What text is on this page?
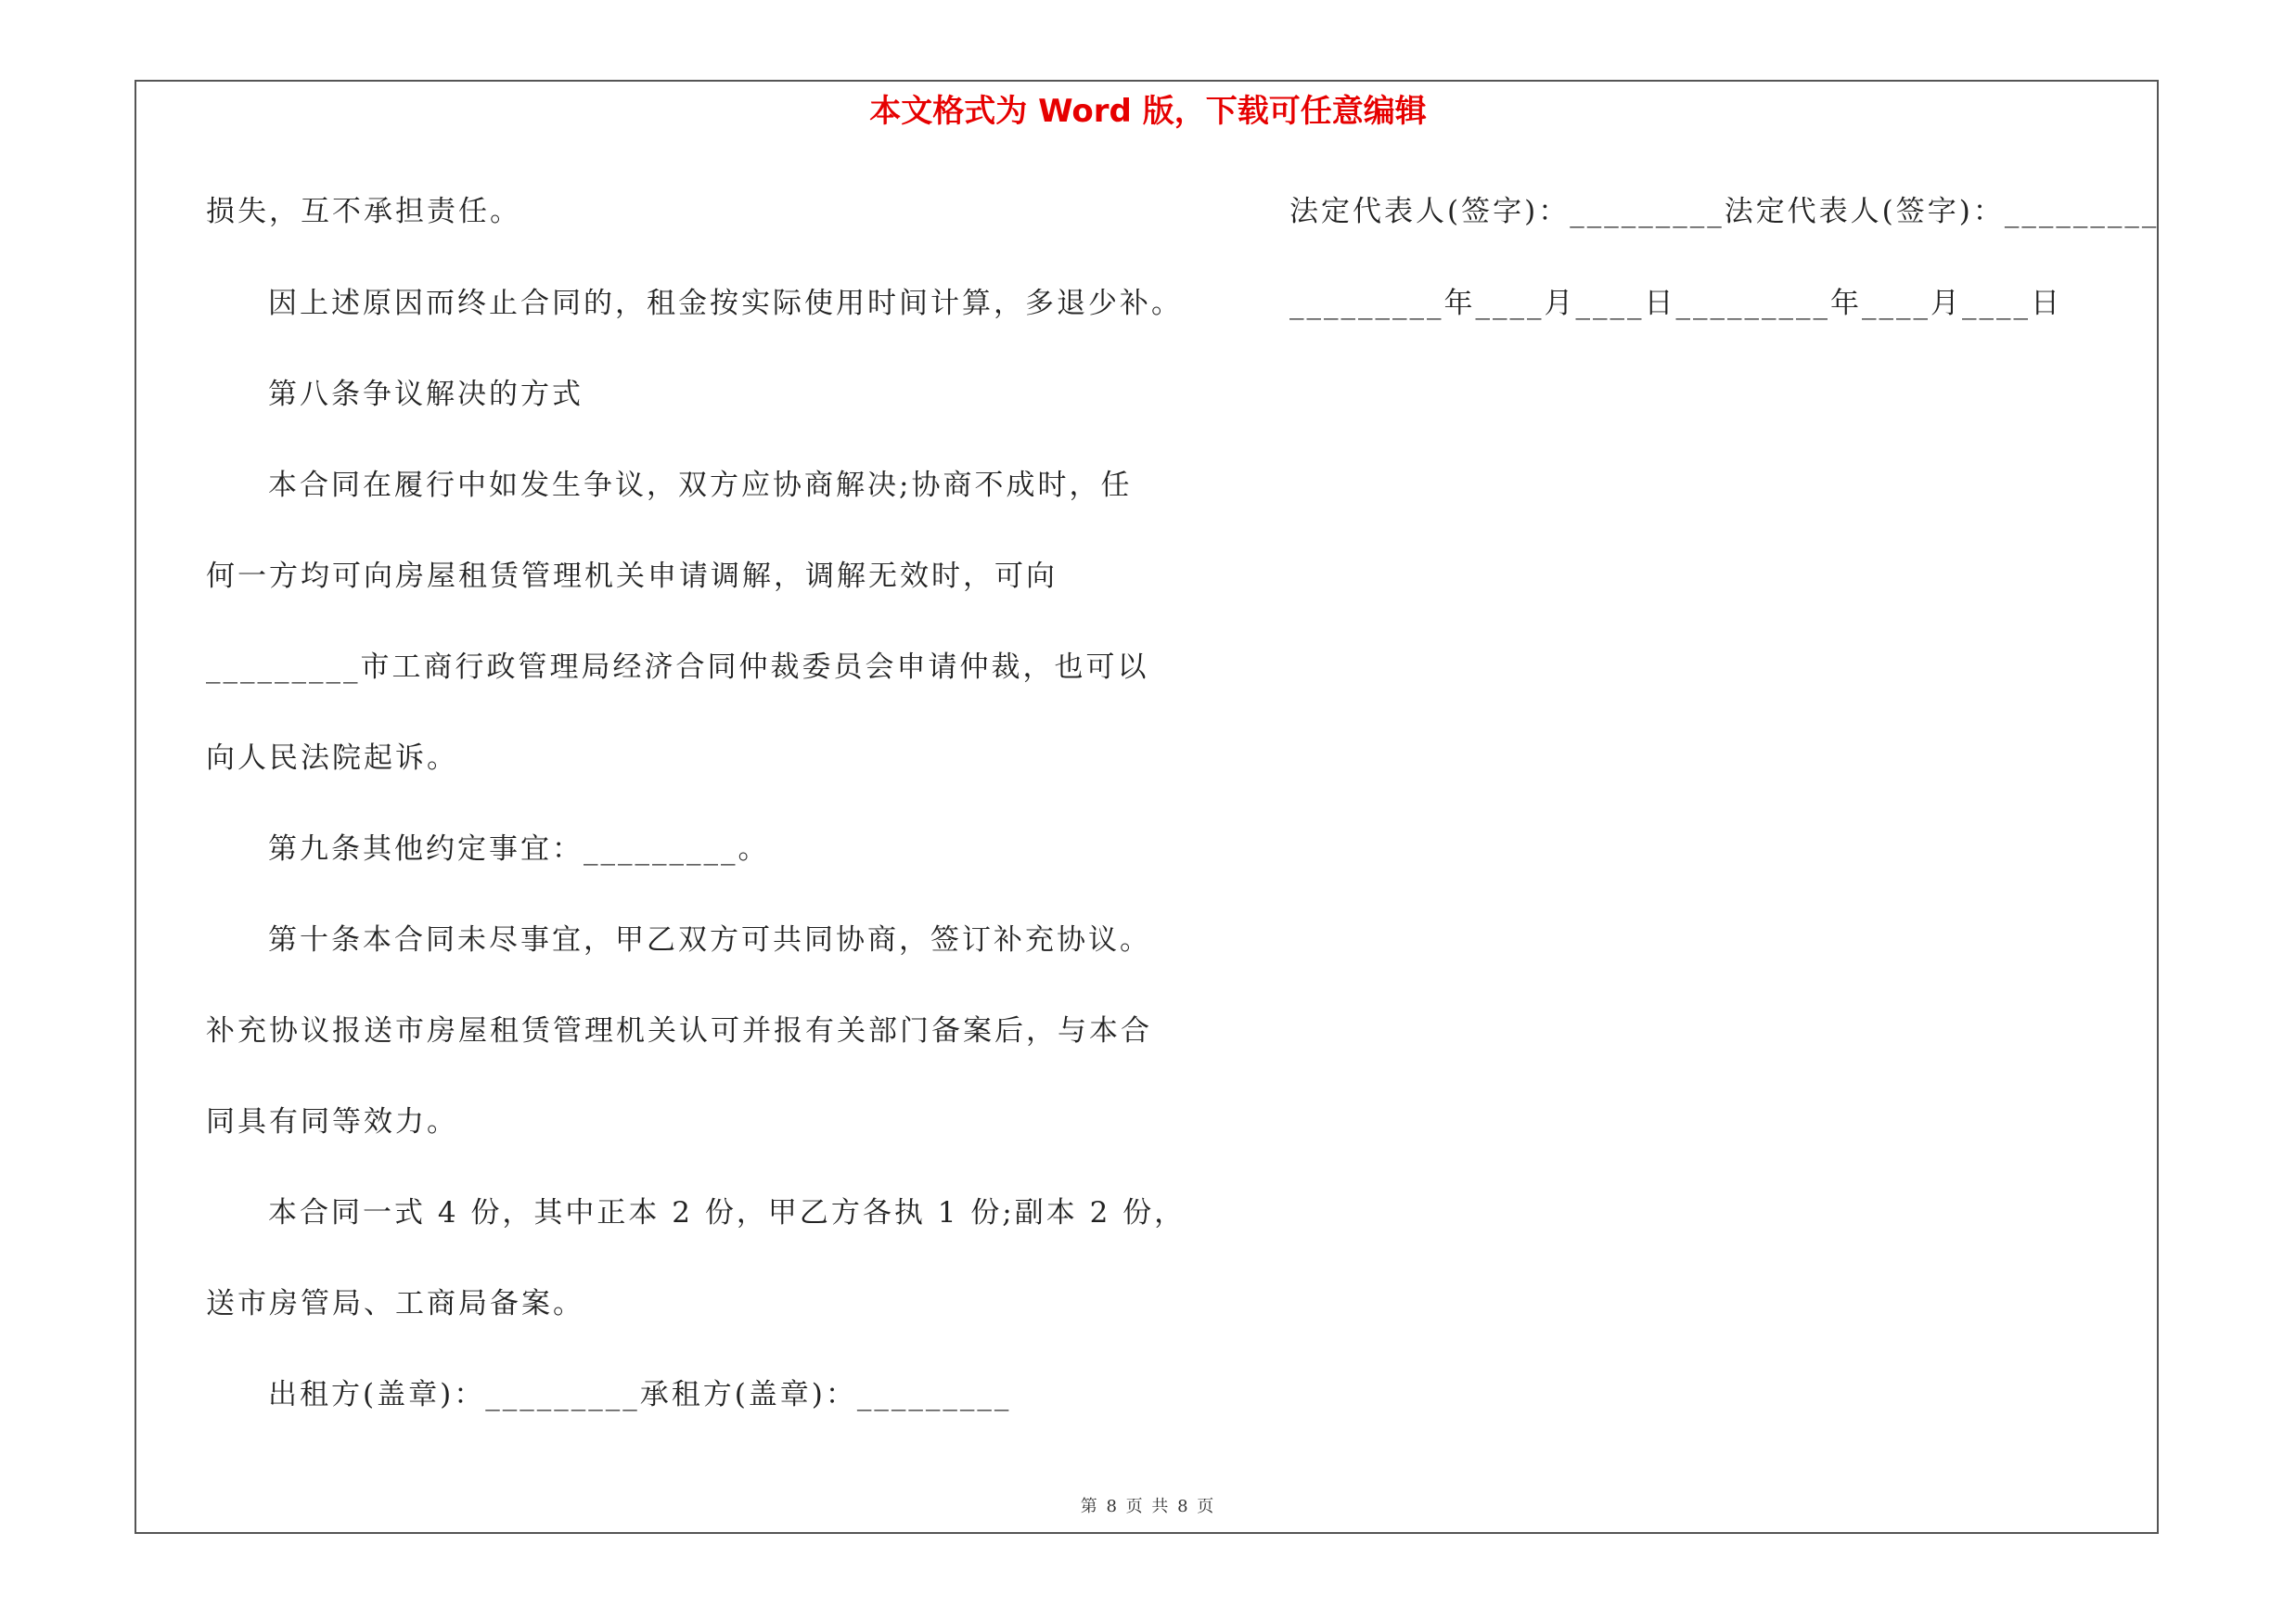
本文格式为 Word 版，下载可任意编辑
损失，互不承担责任。
因上述原因而终止合同的，租金按实际使用时间计算，多退少补。
第八条争议解决的方式
本合同在履行中如发生争议，双方应协商解决;协商不成时，任
何一方均可向房屋租赁管理机关申请调解，调解无效时，可向
_________市工商行政管理局经济合同仲裁委员会申请仲裁，也可以
向人民法院起诉。
第九条其他约定事宜：_________。
第十条本合同未尽事宜，甲乙双方可共同协商，签订补充协议。
补充协议报送市房屋租赁管理机关认可并报有关部门备案后，与本合
同具有同等效力。
本合同一式 4 份，其中正本 2 份，甲乙方各执 1 份;副本 2 份，
送市房管局、工商局备案。
出租方(盖章)：_________承租方(盖章)：_________
法定代表人(签字)：_________法定代表人(签字)：_________
_________年____月____日_________年____月____日
第 8 页 共 8 页
